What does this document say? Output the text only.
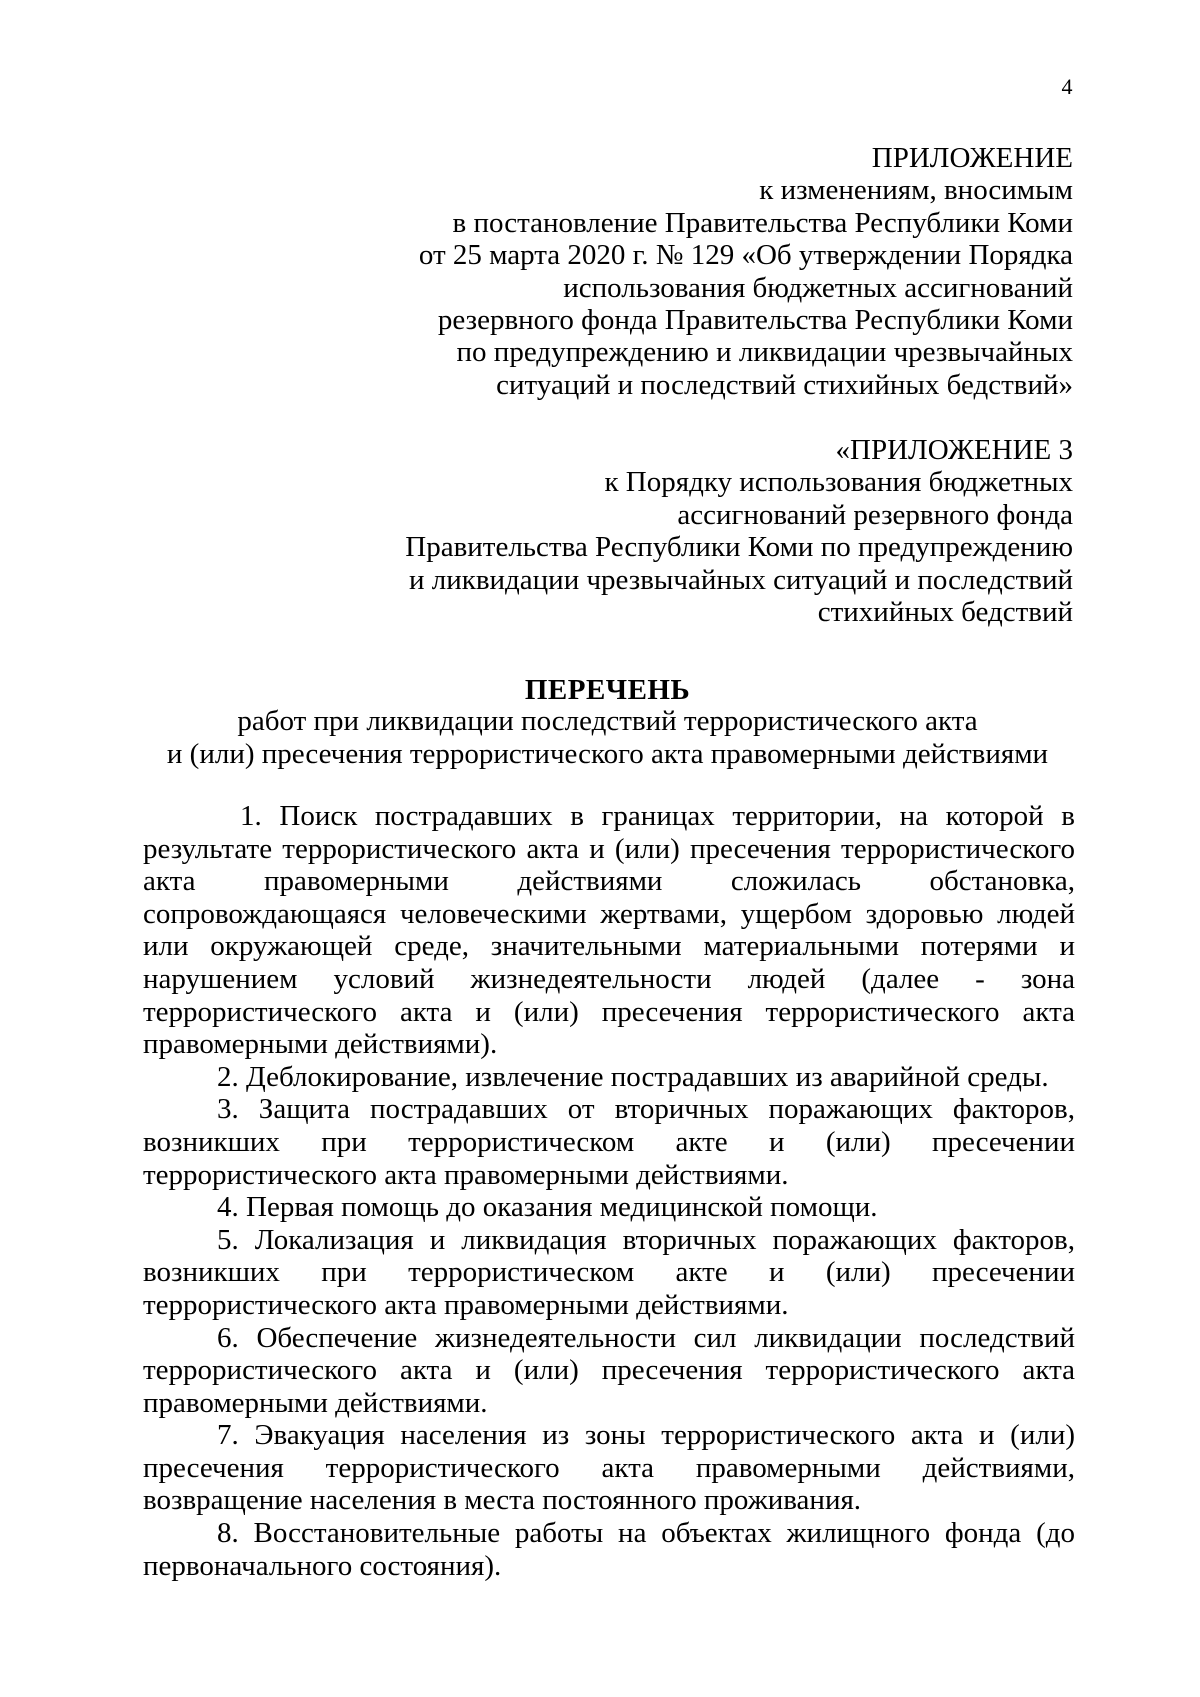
4
ПРИЛОЖЕНИЕ
к изменениям, вносимым
в постановление Правительства Республики Коми
от 25 марта 2020 г. № 129 «Об утверждении Порядка
использования бюджетных ассигнований
резервного фонда Правительства Республики Коми
по предупреждению и ликвидации чрезвычайных
ситуаций и последствий стихийных бедствий»
«ПРИЛОЖЕНИЕ 3
к Порядку использования бюджетных
ассигнований резервного фонда
Правительства Республики Коми по предупреждению
и ликвидации чрезвычайных ситуаций и последствий
стихийных бедствий
ПЕРЕЧЕНЬ
работ при ликвидации последствий террористического акта
и (или) пресечения террористического акта правомерными действиями

1. Поиск пострадавших в границах территории, на которой в результате террористического акта и (или) пресечения террористического акта правомерными действиями сложилась обстановка, сопровождающаяся человеческими жертвами, ущербом здоровью людей или окружающей среде, значительными материальными потерями и нарушением условий жизнедеятельности людей (далее - зона террористического акта и (или) пресечения террористического акта правомерными действиями).

2. Деблокирование, извлечение пострадавших из аварийной среды.

3. Защита пострадавших от вторичных поражающих факторов, возникших при террористическом акте и (или) пресечении террористического акта правомерными действиями.

4. Первая помощь до оказания медицинской помощи.

5. Локализация и ликвидация вторичных поражающих факторов, возникших при террористическом акте и (или) пресечении террористического акта правомерными действиями.

6. Обеспечение жизнедеятельности сил ликвидации последствий террористического акта и (или) пресечения террористического акта правомерными действиями.

7. Эвакуация населения из зоны террористического акта и (или) пресечения террористического акта правомерными действиями, возвращение населения в места постоянного проживания.

8. Восстановительные работы на объектах жилищного фонда (до первоначального состояния).
